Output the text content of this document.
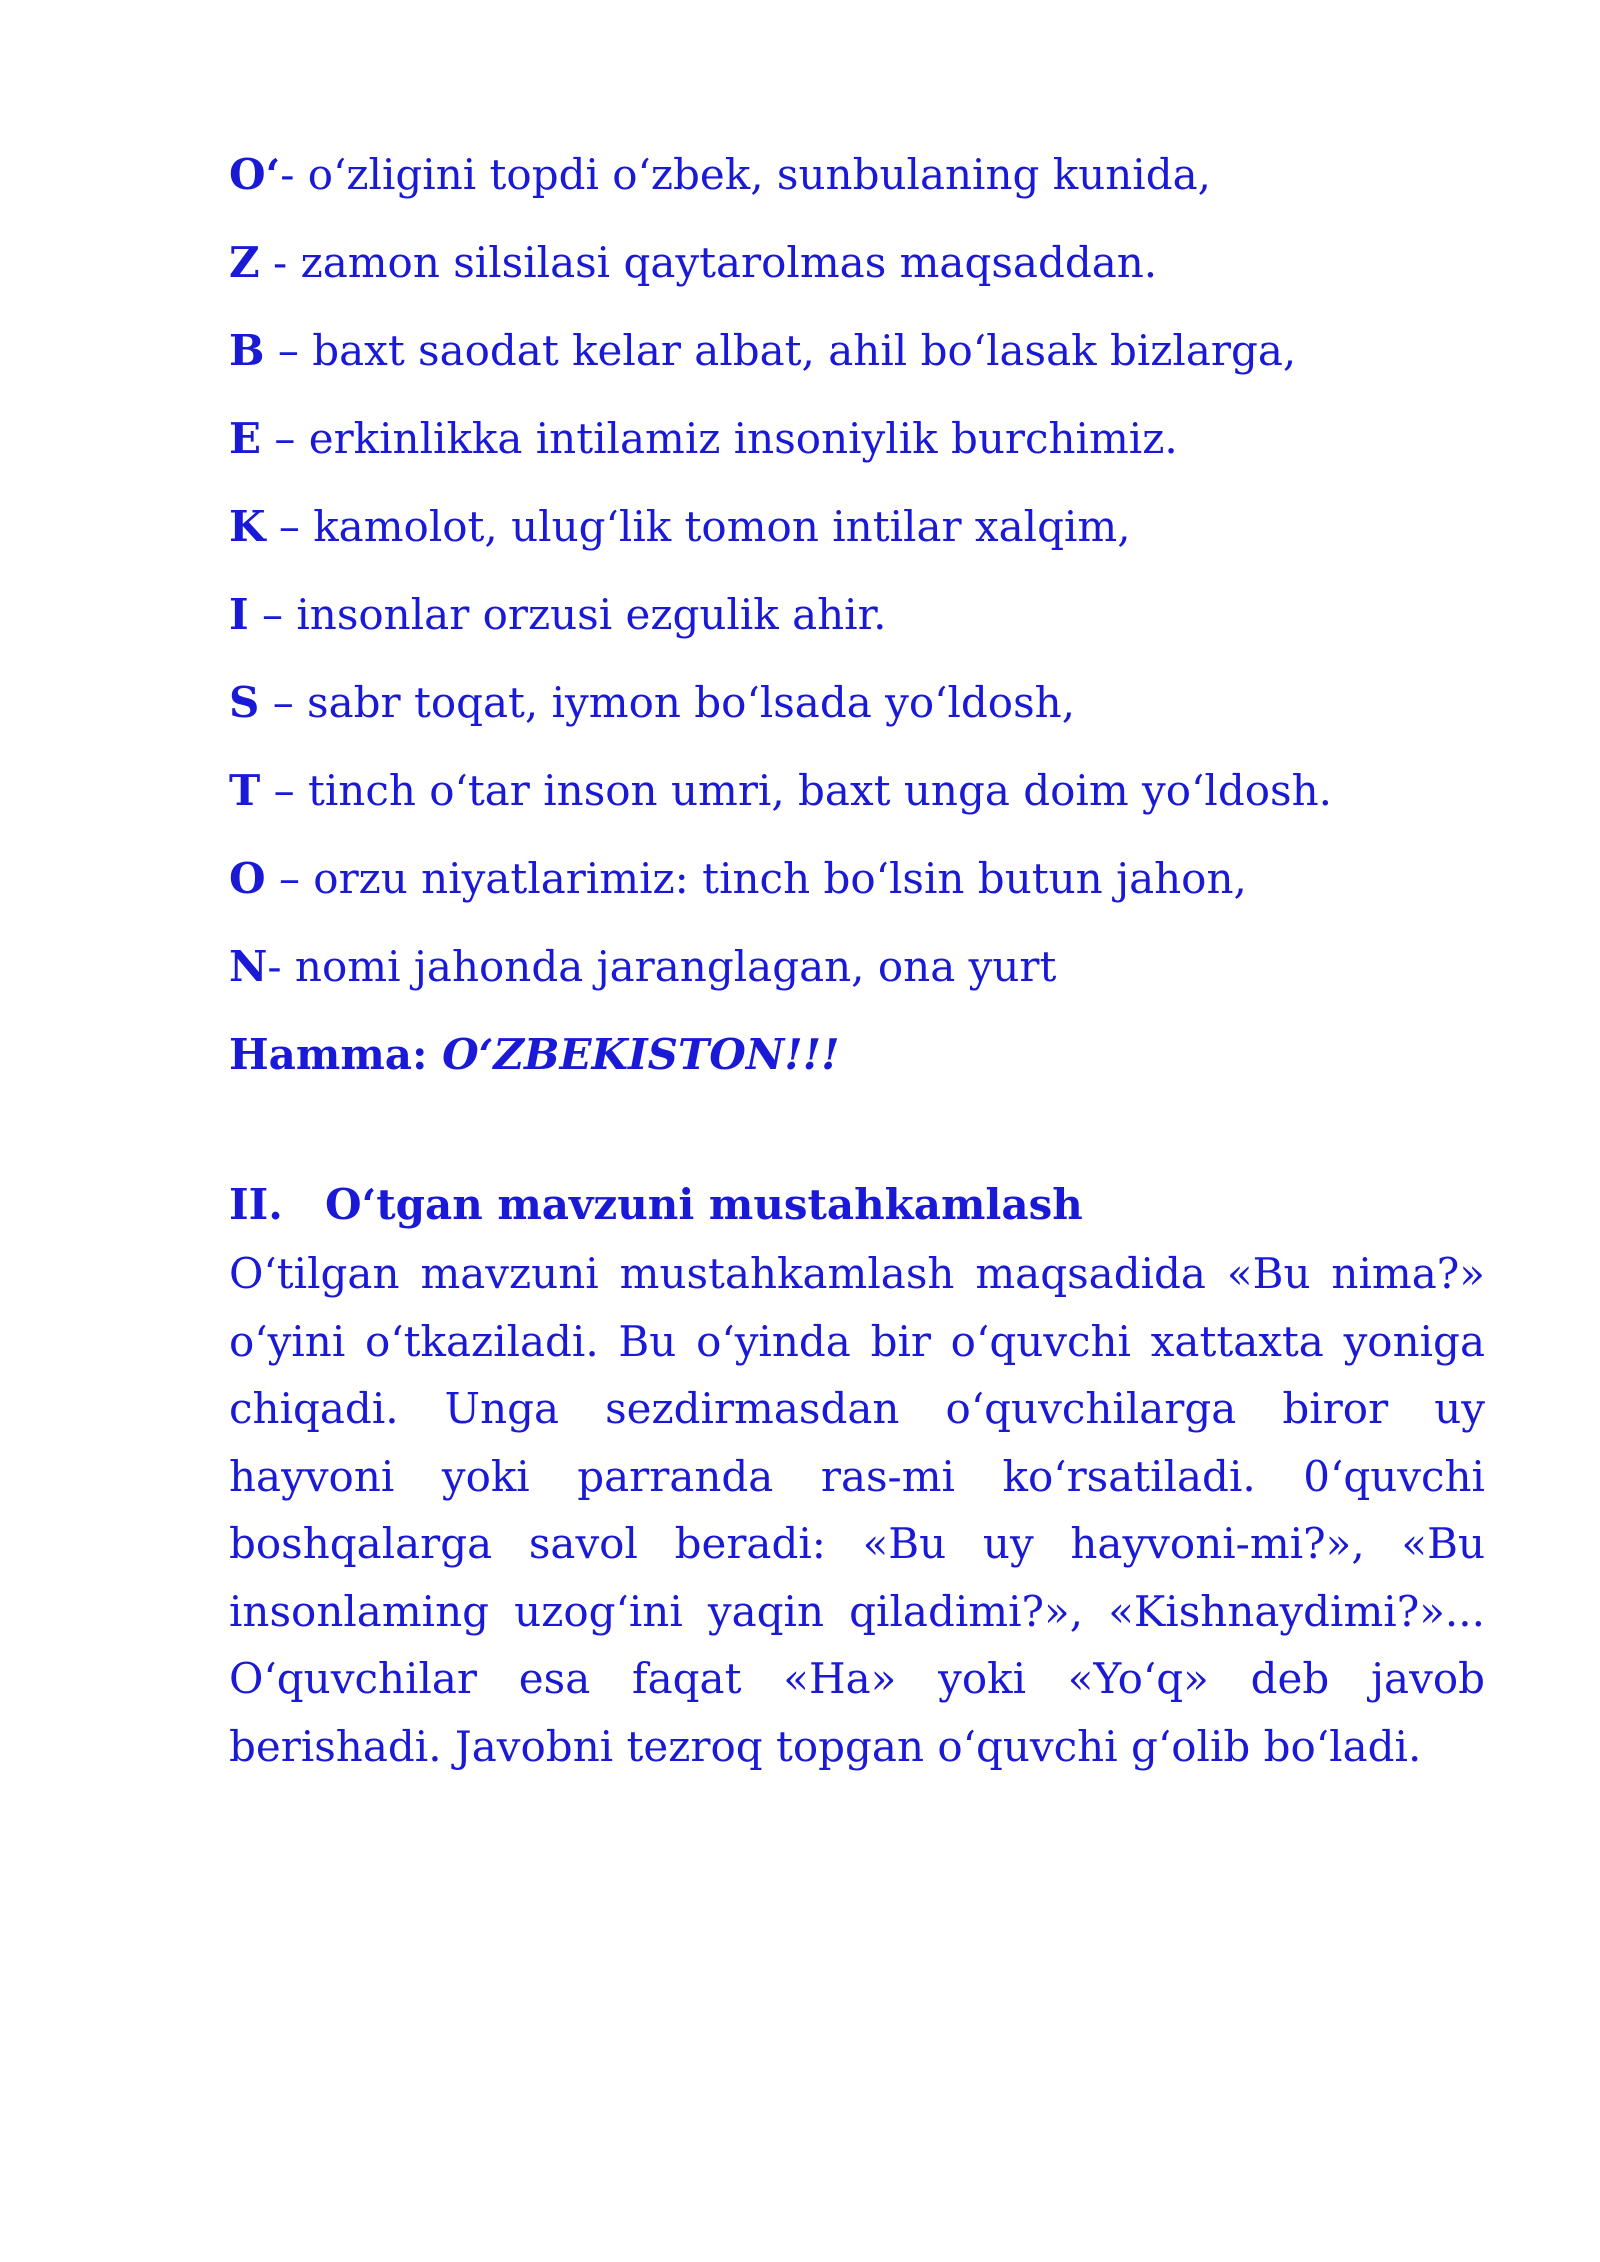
O‘- o‘zligini topdi o‘zbek, sunbulaning kunida,
Z - zamon silsilasi qaytarolmas maqsaddan.
B – baxt saodat kelar albat, ahil bo‘lasak bizlarga,
E – erkinlikka intilamiz insoniylik burchimiz.
K – kamolot, ulug‘lik tomon intilar xalqim,
I – insonlar orzusi ezgulik ahir.
S – sabr toqat, iymon bo‘lsada yo‘ldosh,
T – tinch o‘tar inson umri, baxt unga doim yo‘ldosh.
O – orzu niyatlarimiz: tinch bo‘lsin butun jahon,
N- nomi jahonda jaranglagan, ona yurt
Hamma: O‘ZBEKISTON!!!
II. O‘tgan mavzuni mustahkamlash

O‘tilgan mavzuni mustahkamlash maqsadida «Bu nima?» o‘yini o‘tkaziladi. Bu o‘yinda bir o‘quvchi xattaxta yoniga chiqadi. Unga sezdirmasdan o‘quvchilarga biror uy hayvoni yoki parranda ras-mi ko‘rsatiladi. 0‘quvchi boshqalarga savol beradi: «Bu uy hayvoni-mi?», «Bu insonlaming uzog‘ini yaqin qiladimi?», «Kishnaydimi?»... O‘quvchilar esa faqat «Ha» yoki «Yo‘q» deb javob berishadi. Javobni tezroq topgan o‘quvchi g‘olib bo‘ladi.
